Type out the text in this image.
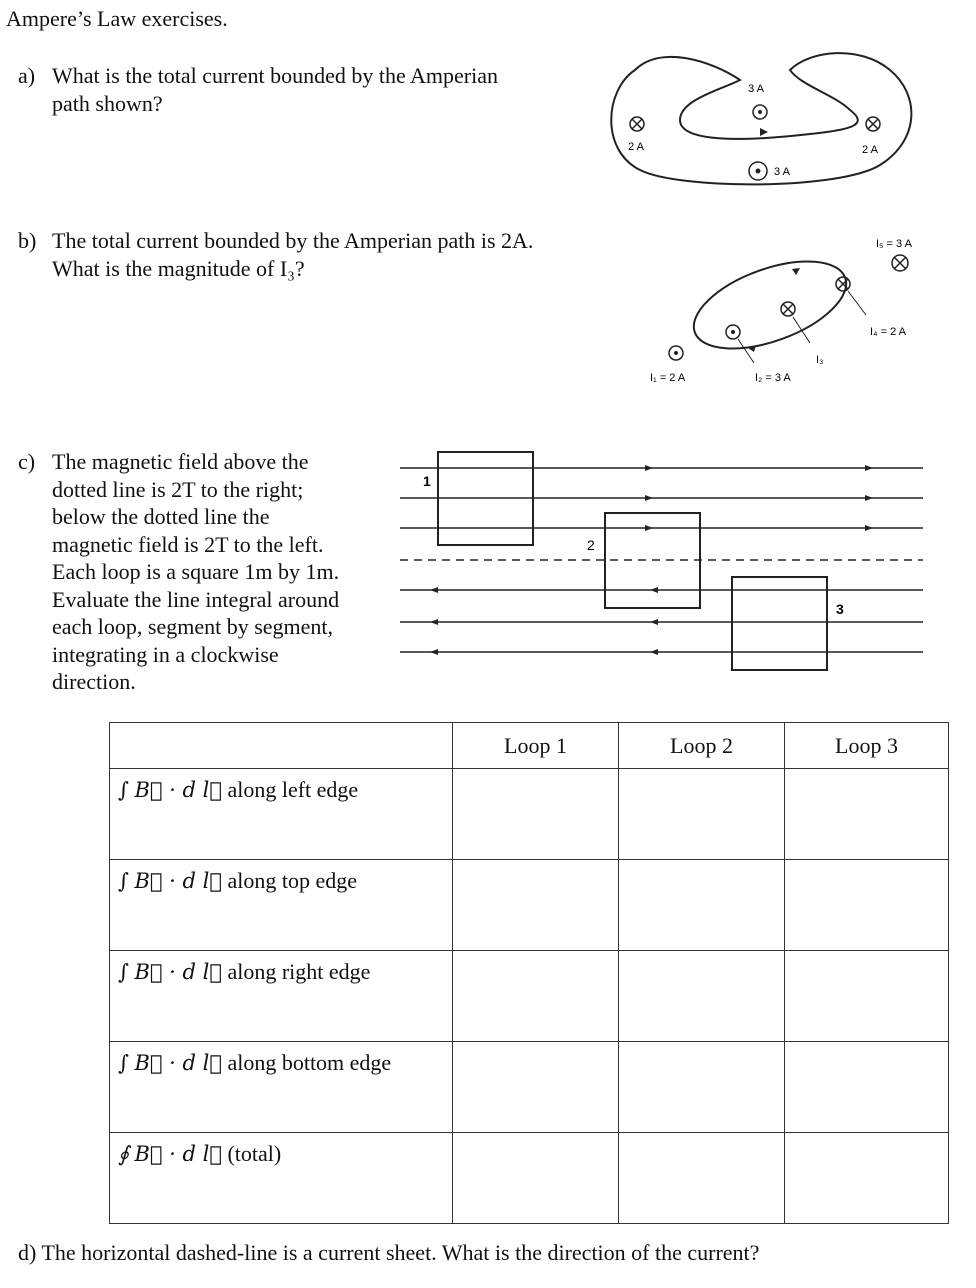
Ampere’s Law exercises.
a) What is the total current bounded by the Amperian
path shown?
b) The total current bounded by the Amperian path is 2A.
What is the magnitude of I₃?
c) The magnetic field above the
dotted line is 2T to the right;
below the dotted line the
magnetic field is 2T to the left.
Each loop is a square 1m by 1m.
Evaluate the line integral around
each loop, segment by segment,
integrating in a clockwise
direction.
2 A
3 A
3 A
2 A
I₁ = 2 A	I₂ = 3 A
I₃
I₄ = 2 A
I₅ = 3 A
1
2
3
	Loop 1	Loop 2	Loop 3
∫ B⃗ · d l⃗ along left edge			
∫ B⃗ · d l⃗ along top edge			
∫ B⃗ · d l⃗ along right edge			
∫ B⃗ · d l⃗ along bottom edge			
∮ B⃗ · d l⃗ (total)			
d) The horizontal dashed-line is a current sheet. What is the direction of the current?
